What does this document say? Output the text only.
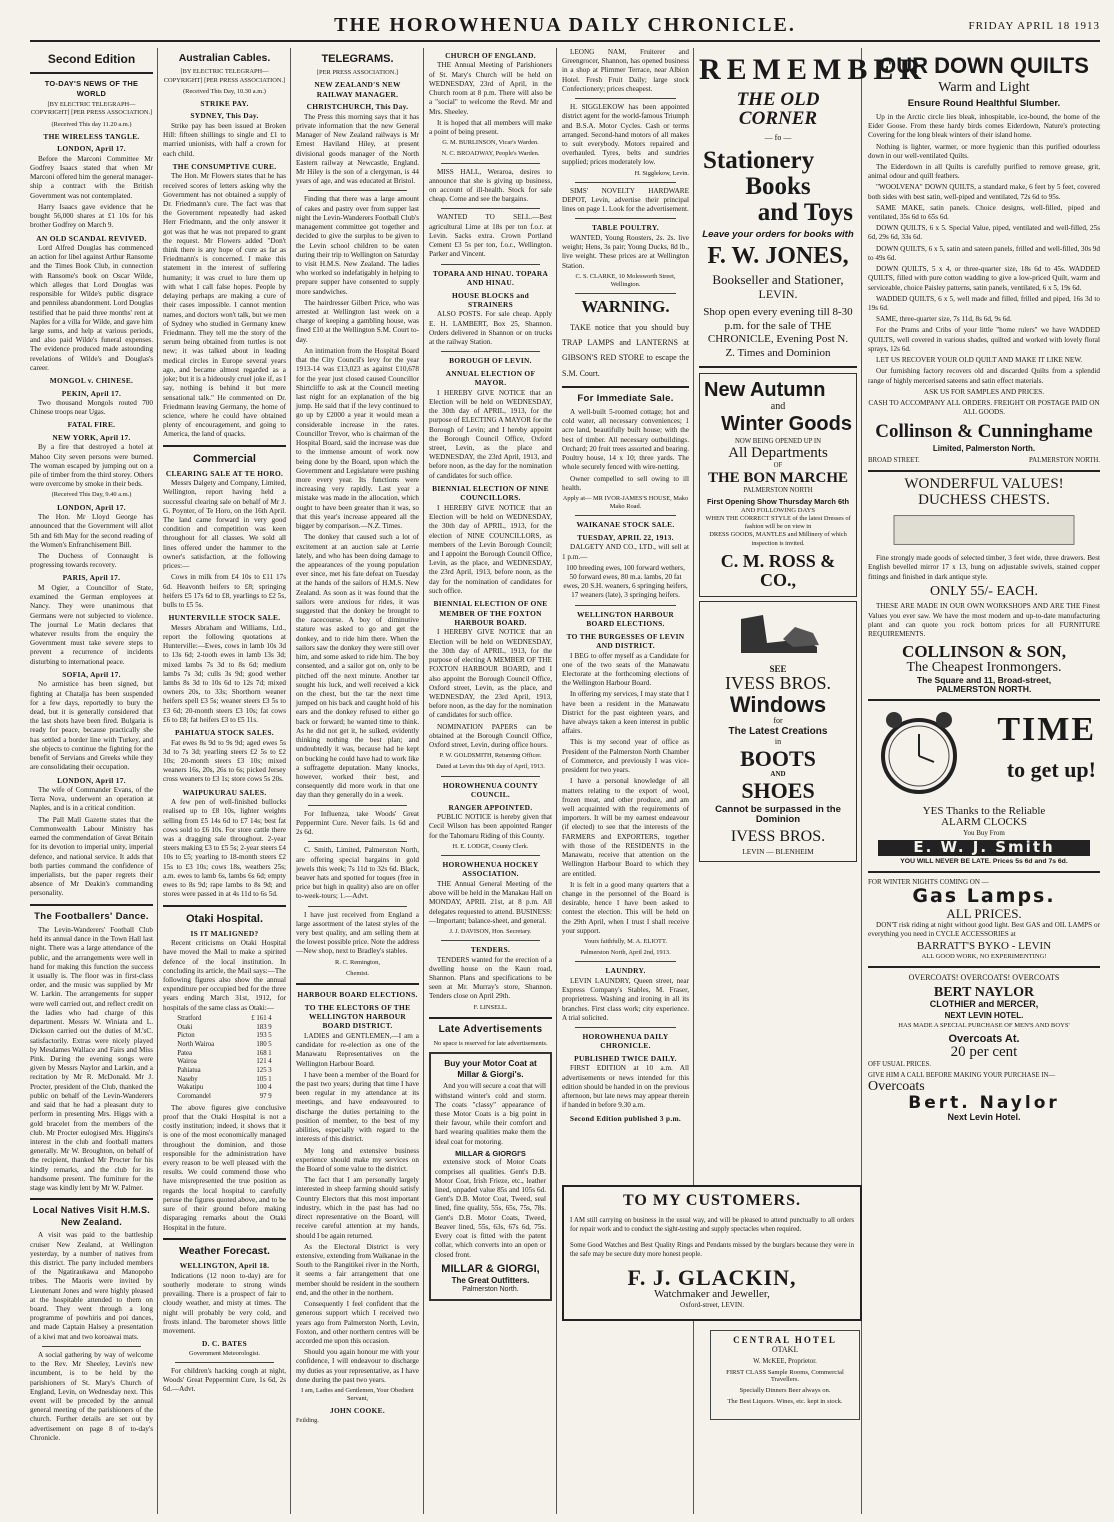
THE HOROWHENUA DAILY CHRONICLE.	FRIDAY APRIL 18 1913
Second Edition
TO-DAY'S NEWS OF THE WORLD
[BY ELECTRIC TELEGRAPH—COPYRIGHT] [PER PRESS ASSOCIATION.]
(Received This day 11.20 a.m.)
THE WIRELESS TANGLE.
LONDON, April 17.

Before the Marconi Committee Mr Godfrey Isaacs stated that when Mr Marconi offered him the general manager-ship a contract with the British Government was not contemplated.

Harry Isaacs gave evidence that he bought 56,000 shares at £1 10s for his brother Godfrey on March 9.

AN OLD SCANDAL REVIVED.

Lord Alfred Douglas has commenced an action for libel against Arthur Ransome and the Times Book Club, in connection with Ransome's book on Oscar Wilde, which alleges that Lord Douglas was responsible for Wilde's public disgrace and penniless abandonment. Lord Douglas testified that he paid three months' rent at Naples for a villa for Wilde, and gave him large sums, and help at various periods, and also paid Wilde's funeral expenses. The evidence produced made astounding revelations of Wilde's and Douglas's career.

MONGOL v. CHINESE.
PEKIN, April 17.

Two thousand Mongols routed 700 Chinese troops near Ugas.

FATAL FIRE.
NEW YORK, April 17.

By a fire that destroyed a hotel at Mahoo City seven persons were burned. The woman escaped by jumping out on a pile of timber from the third storey. Others were overcome by smoke in their beds.

(Received This Day, 9.40 a.m.)
LONDON, April 17.

The Hon. Mr Lloyd George has announced that the Government will allot 5th and 6th May for the second reading of the Women's Enfranchisement Bill.

The Duchess of Connaught is progressing towards recovery.

PARIS, April 17.

M Ogier, a Councillor of State, examined the German employees at Nancy. They were unanimous that Germans were not subjected to violence. The journal Le Matin declares that whatever results from the enquiry the Government must take severe steps to prevent a recurrence of incidents disturbing to international peace.

SOFIA, April 17.

No armistice has been signed, but fighting at Chatalja has been suspended for a few days, reportedly to bury the dead, but it is generally considered that the last shots have been fired. Bulgaria is ready for peace, because practically she has settled a border line with Turkey, and she objects to continue the fighting for the benefit of Servians and Greeks while they are consolidating their occupation.

LONDON, April 17.

The wife of Commander Evans, of the Terra Nova, underwent an operation at Naples, and is in a critical condition.

The Pall Mall Gazette states that the Commonwealth Labour Ministry has earned the commendation of Great Britain for its devotion to imperial unity, imperial defence, and national service. It adds that both parties command the confidence of imperialists, but the paper regrets their absence of Mr Deakin's commanding personality.

The Footballers' Dance.

The Levin-Wanderers' Football Club held its annual dance in the Town Hall last night. There was a large attendance of the public, and the arrangements were well in hand for making this function the success it usually is. The floor was in first-class order, and the music was supplied by Mr W. Larkin. The arrangements for supper were well carried out, and reflect credit on the ladies who had charge of this department. Messrs W. Winiata and L. Dickson carried out the duties of M.'sC. satisfactorily. Extras were nicely played by Mesdames Wallace and Fairs and Miss Pink. During the evening songs were given by Messrs Naylor and Larkin, and a recitation by Mr R. McDonald. Mr J. Procter, president of the Club, thanked the public on behalf of the Levin-Wanderers and said that he had a pleasant duty to perform in presenting Mrs. Higgs with a gold bracelet from the members of the club. Mr Procter eulogised Mrs. Higgins's interest in the club and football matters generally. Mr W. Broughton, on behalf of the recipient, thanked Mr Procter for his kindly remarks, and the club for its handsome present. The furniture for the stage was kindly lent by Mr W. Palmer.

Local Natives Visit H.M.S. New Zealand.

A visit was paid to the battleship cruiser New Zealand, at Wellington yesterday, by a number of natives from this district. The party included members of the Ngatiraukawa and Manopoho tribes. The Maoris were invited by Lieutenant Jones and were highly pleased at the hospitable attended to them on board. They went through a long programme of powhiris and poi dances, and made Captain Halsey a presentation of a kiwi mat and two koroawai mats.

A social gathering by way of welcome to the Rev. Mr Sheeley, Levin's new incumbent, is to be held by the parishioners of St. Mary's Church of England, Levin, on Wednesday next. This event will be preceded by the annual general meeting of the parishioners of the church. Further details are set out by advertisement on page 8 of to-day's Chronicle.

Australian Cables.
[BY ELECTRIC TELEGRAPH—COPYRIGHT] [PER PRESS ASSOCIATION.]
(Received This Day, 10.30 a.m.)
STRIKE PAY.
SYDNEY, This Day.

Strike pay has been issued at Broken Hill: fifteen shillings to single and £1 to married unionists, with half a crown for each child.

THE CONSUMPTIVE CURE.

The Hon. Mr Flowers states that he has received scores of letters asking why the Government has not obtained a supply of Dr. Friedmann's cure. The fact was that the Government repeatedly had asked Herr Friedmann, and the only answer it got was that he was not prepared to grant the request. Mr Flowers added "Don't think there is any hope of cure as far as Friedmann's is concerned. I make this statement in the interest of suffering humanity; it was cruel to lure them up with what I call false hopes. People by delaying perhaps are making a cure of their cases impossible. I cannot mention names, and doctors won't talk, but we men of Sydney who studied in Germany knew Friedmann. They tell me the story of the serum being obtained from turtles is not new; it was talked about in leading medical circles in Europe several years ago, and became almost regarded as a joke; but it is a hideously cruel joke if, as I say, nothing is behind it but mere sensational talk." He commented on Dr. Friedmann leaving Germany, the home of science, where he could have obtained plenty of encouragement, and going to America, the land of quacks.

Commercial
CLEARING SALE AT TE HORO.

Messrs Dalgety and Company, Limited, Wellington, report having held a successful clearing sale on behalf of Mr J. G. Poynter, of Te Horo, on the 16th April. The land came forward in very good condition and competition was keen throughout for all classes. We sold all lines offered under the hammer to the owner's satisfaction, at the following prices:—

Cows in milk from £4 10s to £11 17s 6d. Heavonth heifers to £8; springing heifers £5 17s 6d to £8, yearlings to £2 5s, bulls to £5 5s.

HUNTERVILLE STOCK SALE.

Messrs Abraham and Williams, Ltd., report the following quotations at Hunterville:—Ewes, cows in lamb 10s 3d to 13s 6d; 2-tooth ewes in lamb 13s 3d; mixed lambs 7s 3d to 8s 6d; medium lambs 7s 3d; culls 3s 9d; good wether lambs 8s 3d to 10s 6d to 12s 7d; mixed owners 20s, to 33s; Shorthorn weaner heifers spell £3 5s; weaner steers £3 5s to £3 6d; 20-month steers £3 10s; fat cows £6 to £8; fat heifers £3 to £5 11s.

PAHIATUA STOCK SALES.

Fat ewes 8s 9d to 9s 9d; aged ewes 5s 3d to 7s 3d; yearling steers £2 5s to £2 10s; 20-month steers £3 10s; mixed weaners 16s, 20s, 26s to 6s; picked Jersey cross weaners to £3 1s; store cows 5s 20s.

WAIPUKURAU SALES.

A few pen of well-finished bullocks realised up to £8 10s, lighter weights selling from £5 14s 6d to £7 14s; best fat cows sold to £6 10s. For store cattle there was a dragging sale throughout. 2-year steers making £3 to £5 5s; 2-year steers £4 10s to £5; yearling to 18-month steers £2 15s to £3 10s; cows 18s, weathers 25s; a.m. ewes to lamb 6s, lambs 6s 6d; empty ewes to 8s 9d; rape lambs to 8s 9d; and stores were passed in at 4s 11d to 6s 5d.

Otaki Hospital.
IS IT MALIGNED?

Recent criticisms on Otaki Hospital have moved the Mail to make a spirited defence of the local institution. In concluding its article, the Mail says:—The following figures also show the annual expenditure per occupied bed for the three years ending March 31st, 1912, for hospitals of the same class as Otaki:—

Stratford	£ 161 4
Otaki	183 9
Picton	193 5
North Wairoa	180 5
Patea	168 1
Wairoa	121 4
Pahiatua	125 3
Naseby	105 1
Wakatipu	100 4
Coromandel	97 9

The above figures give conclusive proof that the Otaki Hospital is not a costly institution; indeed, it shows that it is one of the most economically managed throughout the dominion, and those responsible for the administration have every reason to be well pleased with the results. We could commend those who have misrepresented the true position as regards the local hospital to carefully peruse the figures quoted above, and to be sure of their ground before making disparaging remarks about the Otaki Hospital in the future.

Weather Forecast.
WELLINGTON, April 18.

Indications (12 noon to-day) are for southerly moderate to strong winds prevailing. There is a prospect of fair to cloudy weather, and misty at times. The night will probably be very cold, and frosts inland. The barometer shows little movement.

D. C. BATES
Government Meteorologist.

For children's hacking cough at night, Woods' Great Peppermint Cure, 1s 6d, 2s 6d.—Advt.

TELEGRAMS.
[PER PRESS ASSOCIATION.]
NEW ZEALAND'S NEW RAILWAY MANAGER.
CHRISTCHURCH, This Day.

The Press this morning says that it has private information that the new General Manager of New Zealand railways is Mr Ernest Haviland Hiley, at present divisional goods manager of the North Eastern railway at Newcastle, England. Mr Hiley is the son of a clergyman, is 44 years of age, and was educated at Bristol.

Finding that there was a large amount of cakes and pastry over from supper last night the Levin-Wanderers Football Club's management committee got together and decided to give the surplus to be given to the Levin school children to be eaten during their trip to Wellington on Saturday to visit H.M.S. New Zealand. The ladies who worked so indefatigably in helping to prepare supper have consented to supply more sandwiches.

The hairdresser Gilbert Price, who was arrested at Wellington last week on a charge of keeping a gambling house, was fined £10 at the Wellington S.M. Court to-day.

An intimation from the Hospital Board that the City Council's levy for the year 1913-14 was £13,023 as against £10,678 for the year just closed caused Councillor Shirtcliffe to ask at the Council meeting last night for an explanation of the big jump. He said that if the levy continued to go up by £2000 a year it would mean a considerable increase in the rates. Councillor Trevor, who is chairman of the Hospital Board, said the increase was due to the immense amount of work now being done by the Board, upon which the Government and Legislature were pushing more every year. Its functions were increasing very rapidly. Last year a mistake was made in the allocation, which ought to have been greater than it was, so that this year's increase appeared all the bigger by comparison.—N.Z. Times.

The donkey that caused such a lot of excitement at an auction sale at Lerrie lately, and who has been doing damage to the appearances of the young population ever since, met his fate defeat on Tuesday at the hands of the sailors of H.M.S. New Zealand. As soon as it was found that the sailors were anxious for rides, it was suggested that the donkey be brought to the racecourse. A boy of diminutive stature was asked to go and get the donkey, and to ride him there. When the sailors saw the donkey they were still over him, and some asked to ride him. The boy consented, and a sailor got on, only to be pitched off the next minute. Another tar sought his luck, and well received a kick on the chest, but the tar the next time jumped on his back and caught hold of his ears and the donkey refused to either go back or forward; he wanted time to think. As he did not get it, he sulked, evidently thinking nothing the best plan; and undoubtedly it was, because had he kept on bucking he could have had to work like a suffragette deputation. Many knocks, however, worked their best, and consequently did more work in that one day than they generally do in a week.

For Influenza, take Woods' Great Peppermint Cure. Never fails. 1s 6d and 2s 6d.

C. Smith, Limited, Palmerston North, are offering special bargains in gold jewels this week; 7s 11d to 32s 6d. Black, beaver hats and spotted for toques (free in price but high in quality) also are on offer to-week-tours; 1.—Advt.

I have just received from England a large assortment of the latest styles of the very best quality, and am selling them at the lowest possible price. Note the address—New shop, next to Bradley's stables.

R. C. Remington,
Chemist.
HARBOUR BOARD ELECTIONS.
TO THE ELECTORS OF THE WELLINGTON HARBOUR BOARD DISTRICT.

LADIES and GENTLEMEN,—I am a candidate for re-election as one of the Manawatu Representatives on the Wellington Harbour Board.

I have been a member of the Board for the past two years; during that time I have been regular in my attendance at its meetings, and have endeavoured to discharge the duties pertaining to the position of member, to the best of my abilities, especially with regard to the interests of this district.

My long and extensive business experience should make my services on the Board of some value to the district.

The fact that I am personally largely interested in sheep farming should satisfy Country Electors that this most important industry, which in the past has had no direct representative on the Board, will receive careful attention at my hands, should I be again returned.

As the Electoral District is very extensive, extending from Waikanae in the South to the Rangitikei river in the North, it seems a fair arrangement that one member should be resident in the southern end, and the other in the northern.

Consequently I feel confident that the generous support which I received two years ago from Palmerston North, Levin, Foxton, and other northern centres will be accorded me upon this occasion.

Should you again honour me with your confidence, I will endeavour to discharge my duties as your representative, as I have done during the past two years.

I am, Ladies and Gentlemen, Your Obedient Servant,
JOHN COOKE.
Feilding.
CHURCH OF ENGLAND.

THE Annual Meeting of Parishioners of St. Mary's Church will be held on WEDNESDAY, 23rd of April, in the Church room at 8 p.m. There will also be a "social" to welcome the Revd. Mr and Mrs. Sheeley.

It is hoped that all members will make a point of being present.

G. M. BURLINSON, Vicar's Warden.
N. C. BROADWAY, People's Warden.

MISS HALL, Weraroa, desires to announce that she is giving up business, on account of ill-health. Stock for sale cheap. Come and see the bargains.

WANTED TO SELL.—Best agricultural Lime at 18s per ton f.o.r. at Levin. Sacks extra. Crown Portland Cement £3 5s per ton, f.o.r., Wellington. Parker and Vincent.

TOPARA AND HINAU. TOPARA AND HINAU.
HOUSE BLOCKS and STRAINERS

ALSO POSTS. For sale cheap. Apply E. H. LAMBERT, Box 25, Shannon. Orders delivered in Shannon or on trucks at the railway Station.

BOROUGH OF LEVIN.
ANNUAL ELECTION OF MAYOR.

I HEREBY GIVE NOTICE that an Election will be held on WEDNESDAY, the 30th day of APRIL, 1913, for the purpose of ELECTING A MAYOR for the Borough of Levin; and I hereby appoint the Borough Council Office, Oxford street, Levin, as the place and WEDNESDAY, the 23rd April, 1913, and before noon, as the day for the nomination of candidates for such office.

BIENNIAL ELECTION OF NINE COUNCILLORS.

I HEREBY GIVE NOTICE that an Election will be held on WEDNESDAY, the 30th day of APRIL, 1913, for the election of NINE COUNCILLORS, as members of the Levin Borough Council; and I appoint the Borough Council Office, Levin, as the place, and WEDNESDAY, the 23rd April, 1913, before noon, as the day for the nomination of candidates for such office.

BIENNIAL ELECTION OF ONE MEMBER OF THE FOXTON HARBOUR BOARD.

I HEREBY GIVE NOTICE that an Election will be held on WEDNESDAY, the 30th day of APRIL, 1913, for the purpose of electing A MEMBER OF THE FOXTON HARBOUR BOARD, and I also appoint the Borough Council Office, Oxford street, Levin, as the place, and WEDNESDAY, the 23rd April, 1913, before noon, as the day for the nomination of candidates for such office.

NOMINATION PAPERS can be obtained at the Borough Council Office, Oxford street, Levin, during office hours.

P. W. GOLDSMITH, Returning Officer.
Dated at Levin this 9th day of April, 1913.
HOROWHENUA COUNTY COUNCIL.
RANGER APPOINTED.

PUBLIC NOTICE is hereby given that Cecil Wilson has been appointed Ranger for the Tahomaru Riding of this County.

H. E. LODGE, County Clerk.
HOROWHENUA HOCKEY ASSOCIATION.

THE Annual General Meeting of the above will be held in the Manakau Hall on MONDAY, APRIL 21st, at 8 p.m. All delegates requested to attend. BUSINESS:—Important; balance-sheet, and general.

J. J. DAVISON, Hon. Secretary.
TENDERS.

TENDERS wanted for the erection of a dwelling house on the Kaun road, Shannon. Plans and specifications to be seen at Mr. Murray's store, Shannon. Tenders close on April 29th.

F. LINSELL.
Late Advertisements
No space is reserved for late advertisements.
Buy your Motor Coat at Millar & Giorgi's.

And you will secure a coat that will withstand winter's cold and storm. The coats "classy" appearance of these Motor Coats is a big point in their favour, while their comfort and hard wearing qualities make them the ideal coat for motoring.

MILLAR & GIORGI'S

extensive stock of Motor Coats comprises all qualities. Gent's D.B. Motor Coat, Irish Frieze, etc., leather lined, unpaded value 85s and 105s 6d. Gent's D.B. Motor Coat, Tweed, seal lined, fine quality, 55s, 65s, 75s, 78s. Gent's D.B. Motor Coats, Tweed, Beaver lined, 55s, 63s, 67s 6d, 75s. Every coat is fitted with the patent collar, which converts into an open or closed front.

MILLAR & GIORGI,
The Great Outfitters.
Palmerston North.

LEONG NAM, Fruiterer and Greengrocer, Shannon, has opened business in a shop at Plimmer Terrace, near Albion Hotel. Fresh Fruit Daily; large stock Confectionery; prices cheapest.

H. SIGGLEKOW has been appointed district agent for the world-famous Triumph and B.S.A. Motor Cycles. Cash or terms arranged. Second-hand motors of all makes to suit everybody. Motors repaired and overhauled. Tyres, belts and sundries supplied; prices moderately low.

H. Sigglekow, Levin.

SIMS' NOVELTY HARDWARE DEPOT, Levin, advertise their principal lines on page 1. Look for the advertisement.

TABLE POULTRY.

WANTED, Young Roosters, 2s. 2s. live weight; Hens, 3s pair; Young Ducks, 8d lb., live weight. These prices are at Wellington Station.

C. S. CLARKE, 10 Molesworth Street, Wellington.
WARNING.

TAKE notice that you should buy TRAP LAMPS and LANTERNS at GIBSON'S RED STORE to escape the S.M. Court.

For Immediate Sale.

A well-built 5-roomed cottage; hot and cold water, all necessary conveniences; 1 acre land, beautifully built house; with the best of timber. All necessary outbuildings. Orchard; 20 fruit trees assorted and bearing. Poultry house, 14 x 10; three yards. The whole securely fenced with wire-netting.

Owner compelled to sell owing to ill health.

Apply at— MR IVOR-JAMES'S HOUSE, Mako Mako Road.
WAIKANAE STOCK SALE.
TUESDAY, APRIL 22, 1913.

DALGETY AND CO., LTD., will sell at 1 p.m.—

100 breeding ewes, 100 forward wethers, 50 forward ewes, 80 m.a. lambs, 20 fat ewes, 20 S.H. weaners, 6 springing heifers, 17 weaners (late), 3 springing heifers.

WELLINGTON HARBOUR BOARD ELECTIONS.
TO THE BURGESSES OF LEVIN AND DISTRICT.

I BEG to offer myself as a Candidate for one of the two seats of the Manawatu Electorate at the forthcoming elections of the Wellington Harbour Board.

In offering my services, I may state that I have been a resident in the Manawatu District for the past eighteen years, and have always taken a keen interest in public affairs.

This is my second year of office as President of the Palmerston North Chamber of Commerce, and previously I was vice-president for two years.

I have a personal knowledge of all matters relating to the export of wool, frozen meat, and other produce, and am well acquainted with the requirements of importers. It will be my earnest endeavour (if elected) to see that the interests of the FARMERS and EXPORTERS, together with those of the RESIDENTS in the Manawatu, receive that attention on the Wellington Harbour Board to which they are entitled.

It is felt in a good many quarters that a change in the personnel of the Board is desirable, hence I have been asked to contest the election. This will be held on the 29th April, when I trust I shall receive your support.

Yours faithfully, M. A. ELIOTT.
Palmerston North, April 2nd, 1913.
LAUNDRY.

LEVIN LAUNDRY, Queen street, near Express Company's Stables, M. Fraser, proprietress. Washing and ironing in all its branches. First class work; city experience. A trial solicited.

HOROWHENUA DAILY CHRONICLE.
PUBLISHED TWICE DAILY.

FIRST EDITION at 10 a.m. All advertisements or news intended for this edition should be handed in on the previous afternoon, but late news may appear therein if handed in before 9.30 a.m.

Second Edition published 3 p.m.
REMEMBER
THE OLD CORNER
— fo —
Stationery
Books
and Toys
Leave your orders for books with
F. W. JONES,
Bookseller and Stationer,
LEVIN.
Shop open every evening till 8-30 p.m. for the sale of THE CHRONICLE, Evening Post N. Z. Times and Dominion
New Autumn
and
Winter Goods
NOW BEING OPENED UP IN
All Departments
OF
THE BON MARCHE
PALMERSTON NORTH
First Opening Show Thursday March 6th
AND FOLLOWING DAYS
WHEN THE CORRECT STYLE of the latest Dresses of fashion will be on view in
DRESS GOODS, MANTLES and Millinery of which inspection is invited.
C. M. ROSS & CO.,
SEE
IVESS BROS.
Windows
for
The Latest Creations
in
BOOTS
AND
SHOES
Cannot be surpassed in the Dominion
IVESS BROS.
LEVIN — BLENHEIM
TO MY CUSTOMERS.
I AM still carrying on business in the usual way, and will be pleased to attend punctually to all orders for repair work and to conduct the sight-testing and supply spectacles when required.
Some Good Watches and Best Quality Rings and Pendants missed by the burglars because they were in the safe may be secure duty more honest people.
F. J. GLACKIN,
Watchmaker and Jeweller,
Oxford-street, LEVIN.
CENTRAL HOTEL
OTAKI.
W. McKEE, Proprietor.
FIRST CLASS Sample Rooms, Commercial Travellers.
Specially Dinners Beer always on.
The Best Liquors. Wines, etc. kept in stock.
OUR DOWN QUILTS
Warm and Light
Ensure Round Healthful Slumber.

Up in the Arctic circle lies bleak, inhospitable, ice-bound, the home of the Eider Goose. From these hardy birds comes Eiderdown, Nature's protecting Covering for the long bleak winters of their island home.

Nothing is lighter, warmer, or more hygienic than this purified odourless down in our well-ventilated Quilts.

The Eiderdown in all Quilts is carefully purified to remove grease, grit, animal odour and quill feathers.

"WOOLVENA" DOWN QUILTS, a standard make, 6 feet by 5 feet, covered both sides with best satin, well-piped and ventilated, 72s 6d to 95s.

SAME MAKE, satin panels. Choice designs, well-filled, piped and ventilated, 35s 6d to 65s 6d.

DOWN QUILTS, 6 x 5. Special Value, piped, ventilated and well-filled, 25s 6d, 29s 6d, 33s 6d.

DOWN QUILTS, 6 x 5, satin and sateen panels, frilled and well-filled, 30s 9d to 49s 6d.

DOWN QUILTS, 5 x 4, or three-quarter size, 18s 6d to 45s. WADDED QUILTS, filled with pure cotton wadding to give a low-priced Quilt, warm and serviceable, choice Paisley patterns, satin panels, ventilated, 6 x 5, 19s 6d.

WADDED QUILTS, 6 x 5, well made and filled, frilled and piped, 16s 3d to 19s 6d.

SAME, three-quarter size, 7s 11d, 8s 6d, 9s 6d.

For the Prams and Cribs of your little "home rulers" we have WADDED QUILTS, well covered in various shades, quilted and worked with lovely floral sprays, 12s 6d.

LET US RECOVER YOUR OLD QUILT AND MAKE IT LIKE NEW.

Our furnishing factory recovers old and discarded Quilts from a splendid range of highly mercerised sateens and satin effect materials.

ASK US FOR SAMPLES AND PRICES.

CASH TO ACCOMPANY ALL ORDERS. FREIGHT OR POSTAGE PAID ON ALL GOODS.

Collinson & Cunninghame
Limited, Palmerston North.
BROAD STREET.	PALMERSTON NORTH.
WONDERFUL VALUES!
DUCHESS CHESTS.

Fine strongly made goods of selected timber, 3 feet wide, three drawers. Best English bevelled mirror 17 x 13, hung on adjustable swivels, stained copper fittings and finished in dark antique style.

ONLY 55/- EACH.

THESE ARE MADE IN OUR OWN WORKSHOPS AND ARE THE Finest Values you ever saw. We have the most modern and up-to-date manufacturing plant and can quote you rock bottom prices for all FURNITURE REQUIREMENTS.

COLLINSON & SON,
The Cheapest Ironmongers.
The Square and 11, Broad-street,
PALMERSTON NORTH.
TIME
to get up!
YES Thanks to the Reliable
ALARM CLOCKS
You Buy From
E. W. J. Smith
YOU WILL NEVER BE LATE. Prices 5s 6d and 7s 6d.
FOR WINTER NIGHTS COMING ON —
Gas Lamps.
ALL PRICES.

DON'T risk riding at night without good light. Best GAS and OIL LAMPS or everything you need in CYCLE ACCESSORIES at

BARRATT'S BYKO - LEVIN
ALL GOOD WORK, NO EXPERIMENTING!
OVERCOATS! OVERCOATS! OVERCOATS
BERT NAYLOR
CLOTHIER and MERCER,
NEXT LEVIN HOTEL.
HAS MADE A SPECIAL PURCHASE OF MEN'S AND BOYS'
Overcoats At.
20 per cent
OFF USUAL PRICES.
GIVE HIM A CALL BEFORE MAKING YOUR PURCHASE IN—
Overcoats
Bert. Naylor
Next Levin Hotel.
